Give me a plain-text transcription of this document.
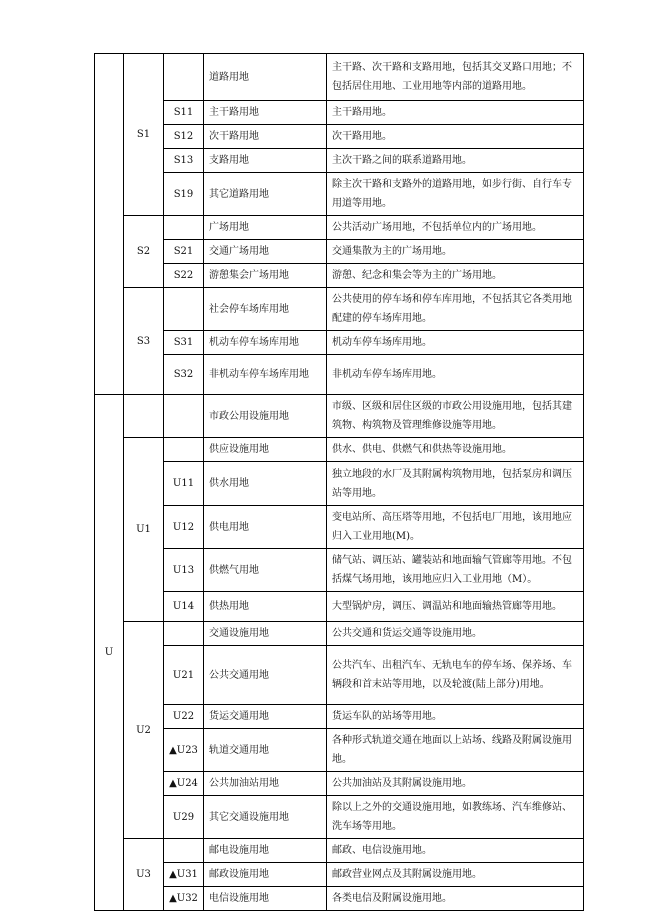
	S1		道路用地	主干路、次干路和支路用地，包括其交叉路口用地；不包括居住用地、工业用地等内部的道路用地。
		S11	主干路用地	主干路用地。
		S12	次干路用地	次干路用地。
		S13	支路用地	主次干路之间的联系道路用地。
		S19	其它道路用地	除主次干路和支路外的道路用地，如步行街、自行车专用道等用地。
	S2		广场用地	公共活动广场用地，不包括单位内的广场用地。
		S21	交通广场用地	交通集散为主的广场用地。
		S22	游憩集会广场用地	游憩、纪念和集会等为主的广场用地。
	S3		社会停车场库用地	公共使用的停车场和停车库用地，不包括其它各类用地配建的停车场库用地。
		S31	机动车停车场库用地	机动车停车场库用地。
		S32	非机动车停车场库用地	非机动车停车场库用地。
U			市政公用设施用地	市级、区级和居住区级的市政公用设施用地，包括其建筑物、构筑物及管理维修设施等用地。
	U1		供应设施用地	供水、供电、供燃气和供热等设施用地。
		U11	供水用地	独立地段的水厂及其附属构筑物用地，包括泵房和调压站等用地。
		U12	供电用地	变电站所、高压塔等用地，不包括电厂用地，该用地应归入工业用地(M)。
		U13	供燃气用地	储气站、调压站、罐装站和地面输气管廊等用地。不包括煤气场用地，该用地应归入工业用地（M）。
		U14	供热用地	大型锅炉房，调压、调温站和地面输热管廊等用地。
	U2		交通设施用地	公共交通和货运交通等设施用地。
		U21	公共交通用地	公共汽车、出租汽车、无轨电车的停车场、保养场、车辆段和首末站等用地，以及轮渡(陆上部分)用地。
		U22	货运交通用地	货运车队的站场等用地。
		▲U23	轨道交通用地	各种形式轨道交通在地面以上站场、线路及附属设施用地。
		▲U24	公共加油站用地	公共加油站及其附属设施用地。
		U29	其它交通设施用地	除以上之外的交通设施用地，如教练场、汽车维修站、洗车场等用地。
	U3		邮电设施用地	邮政、电信设施用地。
		▲U31	邮政设施用地	邮政营业网点及其附属设施用地。
		▲U32	电信设施用地	各类电信及附属设施用地。
